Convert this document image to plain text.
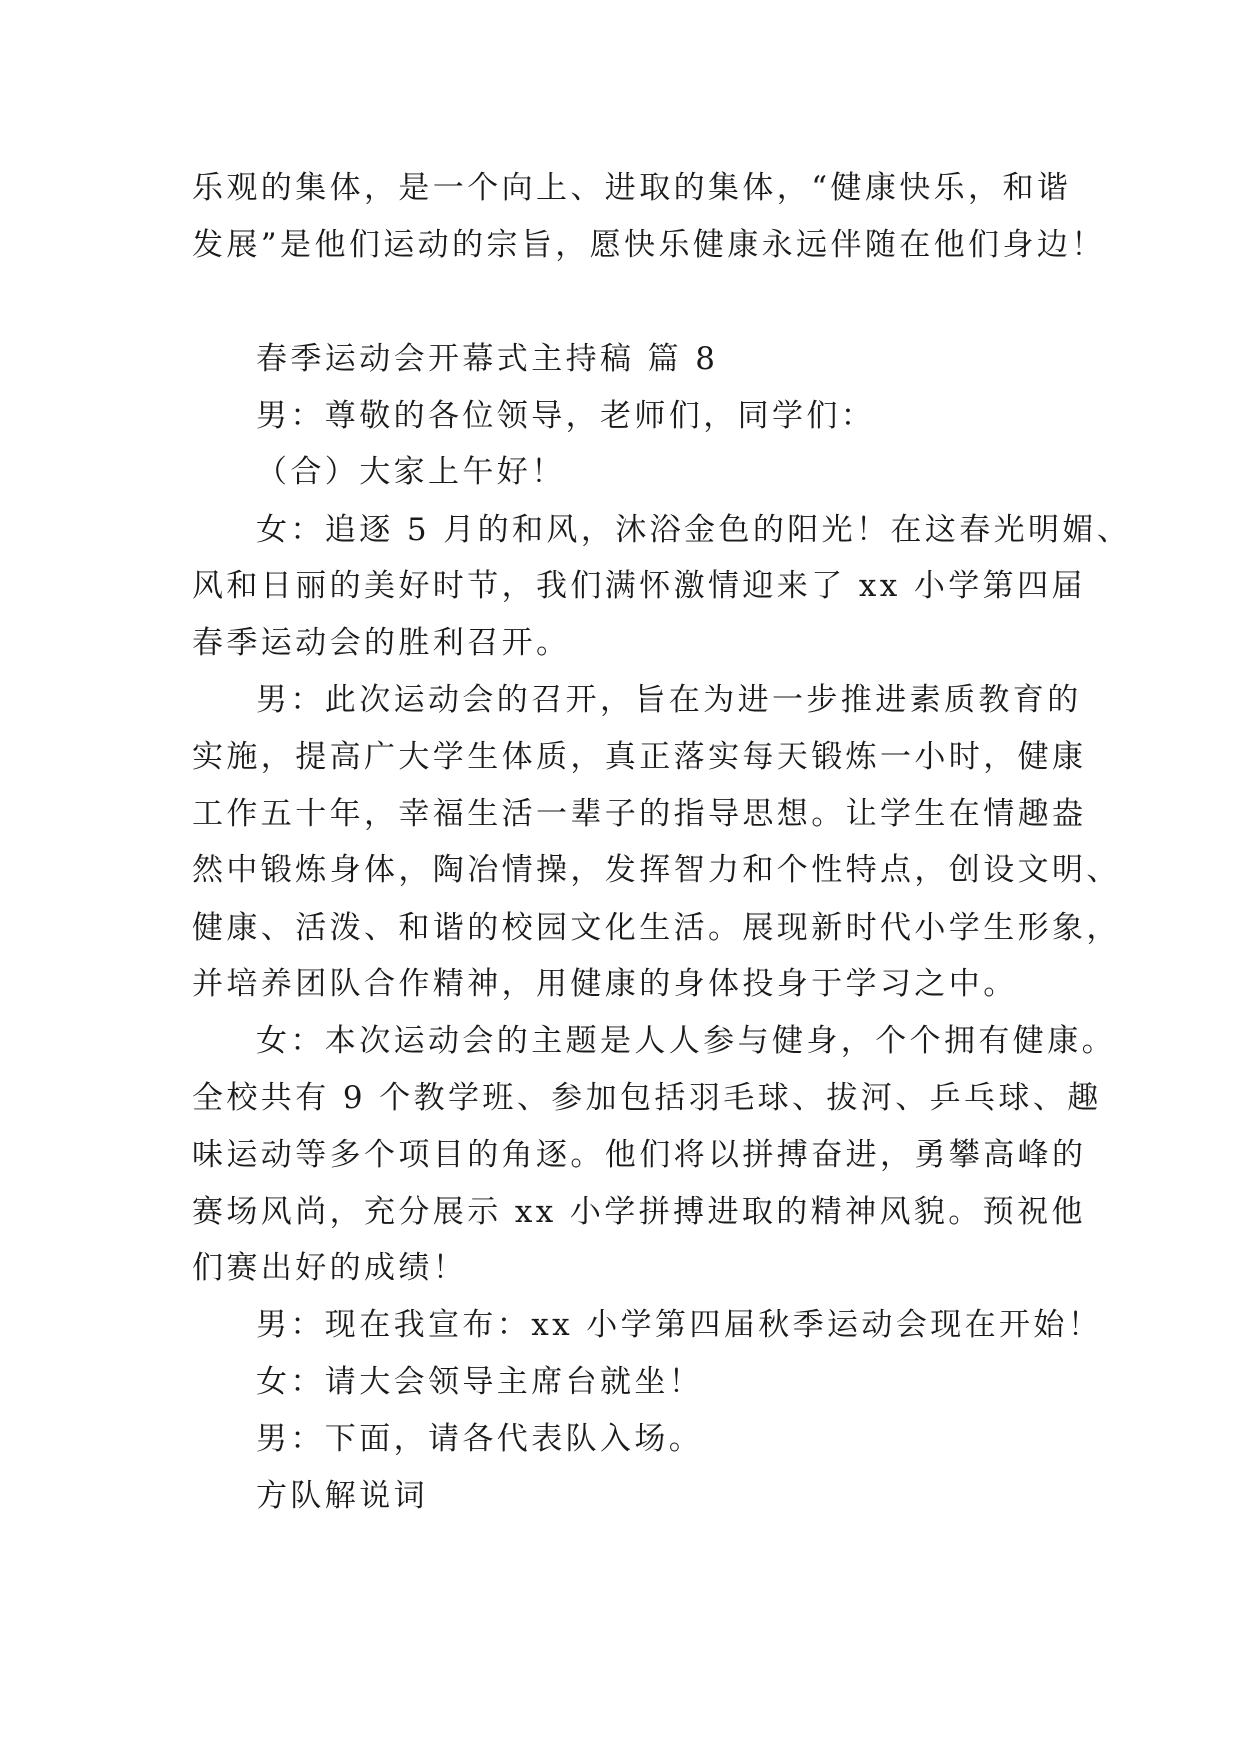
乐观的集体，是一个向上、进取的集体，“健康快乐，和谐
发展”是他们运动的宗旨，愿快乐健康永远伴随在他们身边！
春季运动会开幕式主持稿 篇 8
男：尊敬的各位领导，老师们，同学们：
（合）大家上午好！
女：追逐 5 月的和风，沐浴金色的阳光！在这春光明媚、
风和日丽的美好时节，我们满怀激情迎来了 xx 小学第四届
春季运动会的胜利召开。
男：此次运动会的召开，旨在为进一步推进素质教育的
实施，提高广大学生体质，真正落实每天锻炼一小时，健康
工作五十年，幸福生活一辈子的指导思想。让学生在情趣盎
然中锻炼身体，陶冶情操，发挥智力和个性特点，创设文明、
健康、活泼、和谐的校园文化生活。展现新时代小学生形象，
并培养团队合作精神，用健康的身体投身于学习之中。
女：本次运动会的主题是人人参与健身，个个拥有健康。
全校共有 9 个教学班、参加包括羽毛球、拔河、乒乓球、趣
味运动等多个项目的角逐。他们将以拼搏奋进，勇攀高峰的
赛场风尚，充分展示 xx 小学拼搏进取的精神风貌。预祝他
们赛出好的成绩！
男：现在我宣布：xx 小学第四届秋季运动会现在开始！
女：请大会领导主席台就坐！
男：下面，请各代表队入场。
方队解说词
